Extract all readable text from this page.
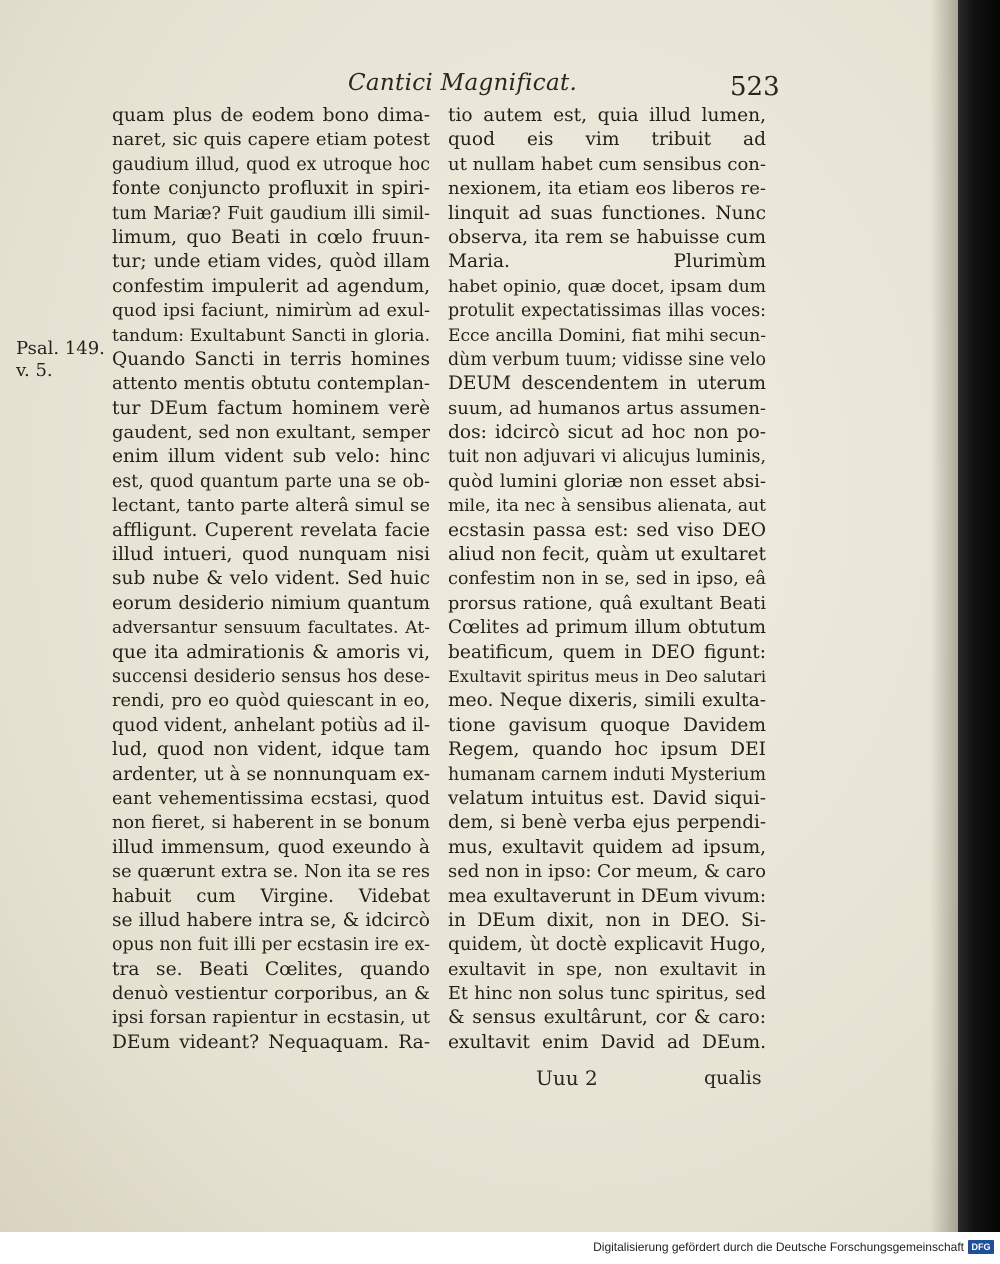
Cantici Magnificat.	523
Psal. 149.
v. 5.
quam plus de eodem bono dima-
naret, sic quis capere etiam potest
gaudium illud, quod ex utroque hoc
fonte conjuncto profluxit in spiri-
tum Mariæ? Fuit gaudium illi simil-
limum, quo Beati in cœlo fruun-
tur; unde etiam vides, quòd illam
confestim impulerit ad agendum,
quod ipsi faciunt, nimirùm ad exul-
tandum: Exultabunt Sancti in gloria.
Quando Sancti in terris homines
attento mentis obtutu contemplan-
tur DEum factum hominem verè
gaudent, sed non exultant, semper
enim illum vident sub velo: hinc
est, quod quantum parte una se ob-
lectant, tanto parte alterâ simul se
affligunt. Cuperent revelata facie
illud intueri, quod nunquam nisi
sub nube & velo vident. Sed huic
eorum desiderio nimium quantum
adversantur sensuum facultates. At-
que ita admirationis & amoris vi,
succensi desiderio sensus hos dese-
rendi, pro eo quòd quiescant in eo,
quod vident, anhelant potiùs ad il-
lud, quod non vident, idque tam
ardenter, ut à se nonnunquam ex-
eant vehementissima ecstasi, quod
non fieret, si haberent in se bonum
illud immensum, quod exeundo à
se quærunt extra se. Non ita se res
habuit cum Virgine. Videbat
se illud habere intra se, & idcircò
opus non fuit illi per ecstasin ire ex-
tra se. Beati Cœlites, quando
denuò vestientur corporibus, an &
ipsi forsan rapientur in ecstasin, ut
DEum videant? Nequaquam. Ra-
tio autem est, quia illud lumen,
quod eis vim tribuit ad
ut nullam habet cum sensibus con-
nexionem, ita etiam eos liberos re-
linquit ad suas functiones. Nunc
observa, ita rem se habuisse cum
Maria. Plurimùm
habet opinio, quæ docet, ipsam dum
protulit expectatissimas illas voces:
Ecce ancilla Domini, fiat mihi secun-
dùm verbum tuum; vidisse sine velo
DEUM descendentem in uterum
suum, ad humanos artus assumen-
dos: idcircò sicut ad hoc non po-
tuit non adjuvari vi alicujus luminis,
quòd lumini gloriæ non esset absi-
mile, ita nec à sensibus alienata, aut
ecstasin passa est: sed viso DEO
aliud non fecit, quàm ut exultaret
confestim non in se, sed in ipso, eâ
prorsus ratione, quâ exultant Beati
Cœlites ad primum illum obtutum
beatificum, quem in DEO figunt:
Exultavit spiritus meus in Deo salutari
meo. Neque dixeris, simili exulta-
tione gavisum quoque Davidem
Regem, quando hoc ipsum DEI
humanam carnem induti Mysterium
velatum intuitus est. David siqui-
dem, si benè verba ejus perpendi-
mus, exultavit quidem ad ipsum,
sed non in ipso: Cor meum, & caro
mea exultaverunt in DEum vivum:
in DEum dixit, non in DEO. Si-
quidem, ùt doctè explicavit Hugo,
exultavit in spe, non exultavit in
Et hinc non solus tunc spiritus, sed
& sensus exultârunt, cor & caro:
exultavit enim David ad DEum.
Uuu 2	qualis
Digitalisierung gefördert durch die Deutsche Forschungsgemeinschaft DFG
